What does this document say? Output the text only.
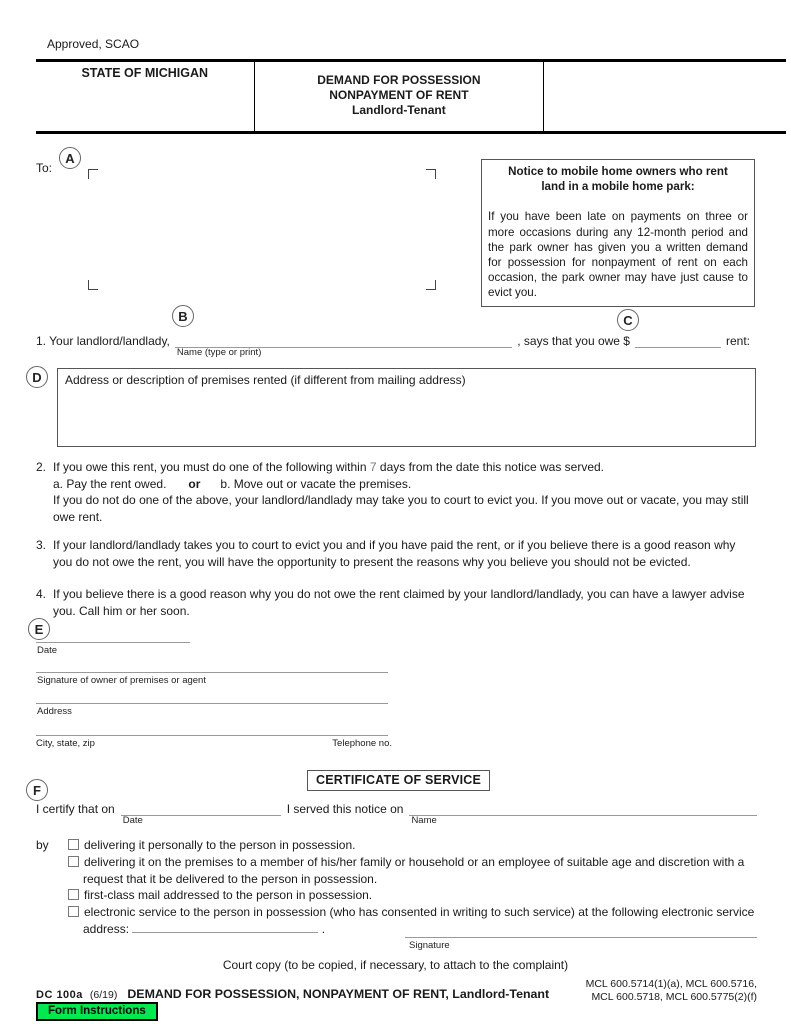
Approved, SCAO
STATE OF MICHIGAN	DEMAND FOR POSSESSION
NONPAYMENT OF RENT
Landlord-Tenant
A
B	C
D
E
F
To:	Notice to mobile home owners who rent
land in a mobile home park:
If you have been late on payments on three or more occasions during any 12-month period and the park owner has given you a written demand for possession for nonpayment of rent on each occasion, the park owner may have just cause to evict you.
1. Your landlord/landlady,
Name (type or print)
, says that you owe $	rent:
Address or description of premises rented (if different from mailing address)
2. If you owe this rent, you must do one of the following within 7 days from the date this notice was served.
a. Pay the rent owed. or b. Move out or vacate the premises.
If you do not do one of the above, your landlord/landlady may take you to court to evict you. If you move out or vacate, you may still owe rent.
3. If your landlord/landlady takes you to court to evict you and if you have paid the rent, or if you believe there is a good reason why you do not owe the rent, you will have the opportunity to present the reasons why you believe you should not be evicted.
4. If you believe there is a good reason why you do not owe the rent claimed by your landlord/landlady, you can have a lawyer advise you. Call him or her soon.
Date
Signature of owner of premises or agent
Address
City, state, zip	Telephone no.
CERTIFICATE OF SERVICE
I certify that on
Date
I served this notice on
Name
by	delivering it personally to the person in possession.
delivering it on the premises to a member of his/her family or household or an employee of suitable age and discretion with a request that it be delivered to the person in possession.
first-class mail addressed to the person in possession.
electronic service to the person in possession (who has consented in writing to such service) at the following electronic service address:	.
Signature
Court copy (to be copied, if necessary, to attach to the complaint)
DC 100a (6/19) DEMAND FOR POSSESSION, NONPAYMENT OF RENT, Landlord-Tenant
MCL 600.5714(1)(a), MCL 600.5716,
MCL 600.5718, MCL 600.5775(2)(f)
Form Instructions
